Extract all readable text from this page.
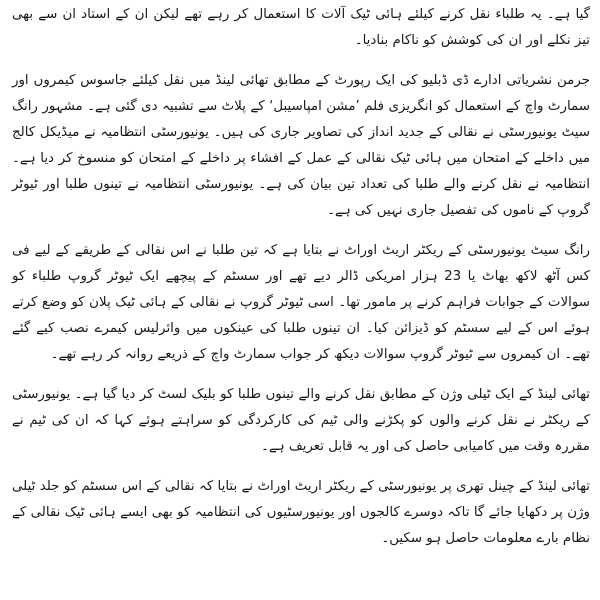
گیا ہے۔ یہ طلباء نقل کرنے کیلئے ہائی ٹیک آلات کا استعمال کر رہے تھے لیکن ان کے استاد ان سے بھی تیز نکلے اور ان کی کوشش کو ناکام بنادیا۔

جرمن نشریاتی ادارے ڈی ڈبلیو کی ایک رپورٹ کے مطابق تھائی لینڈ میں نقل کیلئے جاسوس کیمروں اور سمارٹ واچ کے استعمال کو انگریزی فلم ’مشن امپاسیبل‘ کے پلاٹ سے تشبیہ دی گئی ہے۔ مشہور رانگ سیٹ یونیورسٹی نے نقالی کے جدید انداز کی تصاویر جاری کی ہیں۔ یونیورسٹی انتظامیہ نے میڈیکل کالج میں داخلے کے امتحان میں ہائی ٹیک نقالی کے عمل کے افشاء پر داخلے کے امتحان کو منسوخ کر دیا ہے۔ انتظامیہ نے نقل کرنے والے طلبا کی تعداد تین بیان کی ہے۔ یونیورسٹی انتظامیہ نے تینوں طلبا اور ٹیوٹر گروپ کے ناموں کی تفصیل جاری نہیں کی ہے۔

رانگ سیٹ یونیورسٹی کے ریکٹر اریٹ اوراٹ نے بتایا ہے کہ تین طلبا نے اس نقالی کے طریقے کے لیے فی کس آٹھ لاکھ بھاٹ یا 23 ہزار امریکی ڈالر دیے تھے اور سسٹم کے پیچھے ایک ٹیوٹر گروپ طلباء کو سوالات کے جوابات فراہم کرنے پر مامور تھا۔ اسی ٹیوٹر گروپ نے نقالی کے ہائی ٹیک پلان کو وضع کرتے ہوئے اس کے لیے سسٹم کو ڈیزائن کیا۔ ان تینوں طلبا کی عینکوں میں وائرلیس کیمرے نصب کیے گئے تھے۔ ان کیمروں سے ٹیوٹر گروپ سوالات دیکھ کر جواب سمارٹ واچ کے ذریعے روانہ کر رہے تھے۔

تھائی لینڈ کے ایک ٹیلی وژن کے مطابق نقل کرنے والے تینوں طلبا کو بلیک لسٹ کر دیا گیا ہے۔ یونیورسٹی کے ریکٹر نے نقل کرنے والوں کو پکڑنے والی ٹیم کی کارکردگی کو سراہتے ہوئے کہا کہ ان کی ٹیم نے مقررہ وقت میں کامیابی حاصل کی اور یہ قابل تعریف ہے۔

تھائی لینڈ کے چینل تھری پر یونیورسٹی کے ریکٹر اریٹ اوراٹ نے بتایا کہ نقالی کے اس سسٹم کو جلد ٹیلی وژن پر دکھایا جائے گا تاکہ دوسرے کالجوں اور یونیورسٹیوں کی انتظامیہ کو بھی ایسے ہائی ٹیک نقالی کے نظام بارے معلومات حاصل ہو سکیں۔
